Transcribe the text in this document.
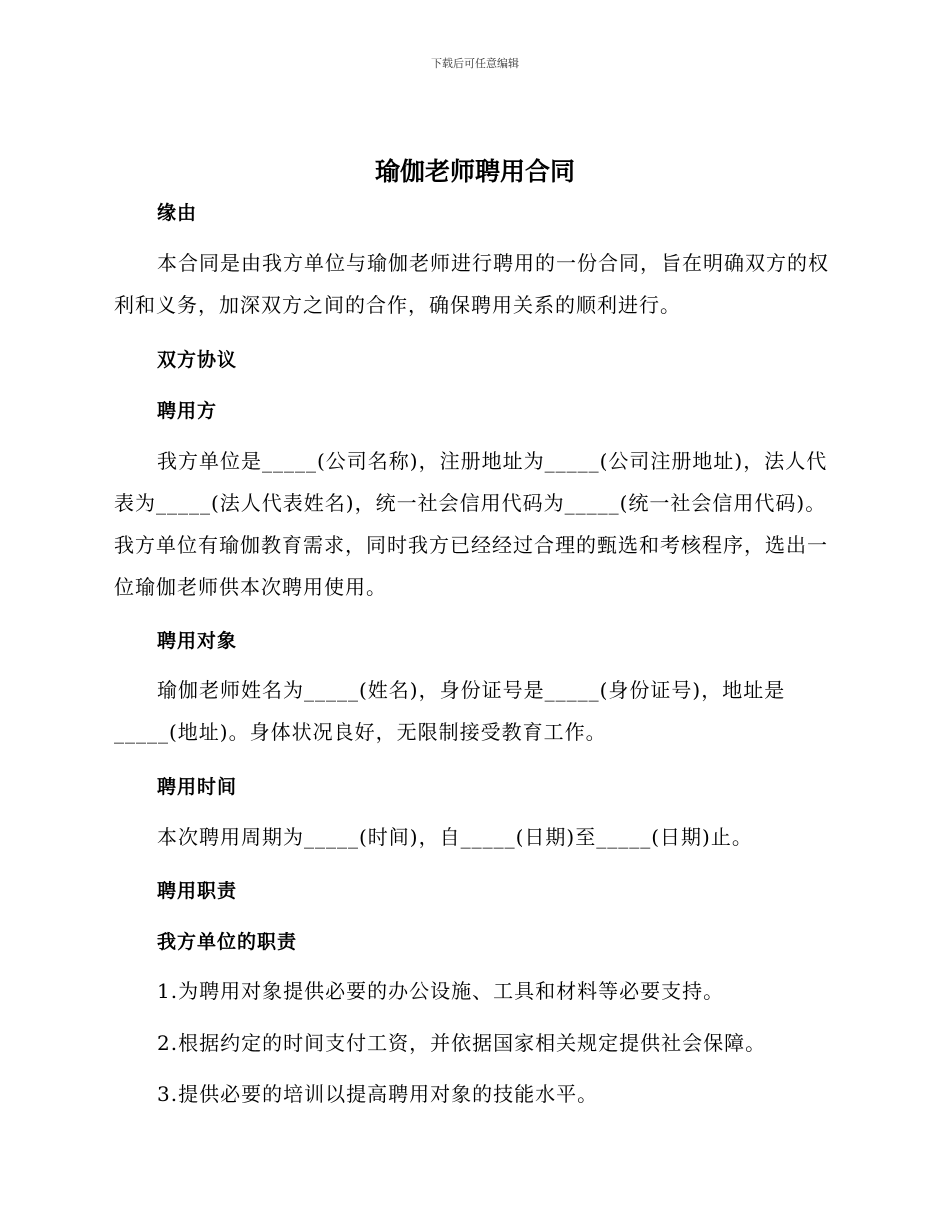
下载后可任意编辑
瑜伽老师聘用合同
缘由

本合同是由我方单位与瑜伽老师进行聘用的一份合同，旨在明确双方的权利和义务，加深双方之间的合作，确保聘用关系的顺利进行。

双方协议
聘用方

我方单位是_____(公司名称)，注册地址为_____(公司注册地址)，法人代表为_____(法人代表姓名)，统一社会信用代码为_____(统一社会信用代码)。我方单位有瑜伽教育需求，同时我方已经经过合理的甄选和考核程序，选出一位瑜伽老师供本次聘用使用。

聘用对象

瑜伽老师姓名为_____(姓名)，身份证号是_____(身份证号)，地址是_____(地址)。身体状况良好，无限制接受教育工作。

聘用时间

本次聘用周期为_____(时间)，自_____(日期)至_____(日期)止。

聘用职责
我方单位的职责
1.为聘用对象提供必要的办公设施、工具和材料等必要支持。
2.根据约定的时间支付工资，并依据国家相关规定提供社会保障。
3.提供必要的培训以提高聘用对象的技能水平。
